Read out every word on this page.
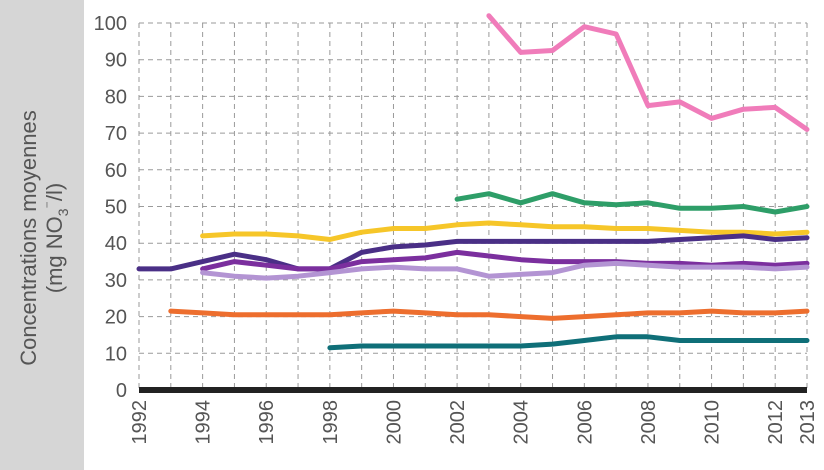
0
10
20
30
40
50
60
70
80
90
100
1992 1994 1996 1998 2000 2002 2004 2006 2008 2010 2012 2013
Concentrations moyennes (mg $NO_3^{^-}/l$)
